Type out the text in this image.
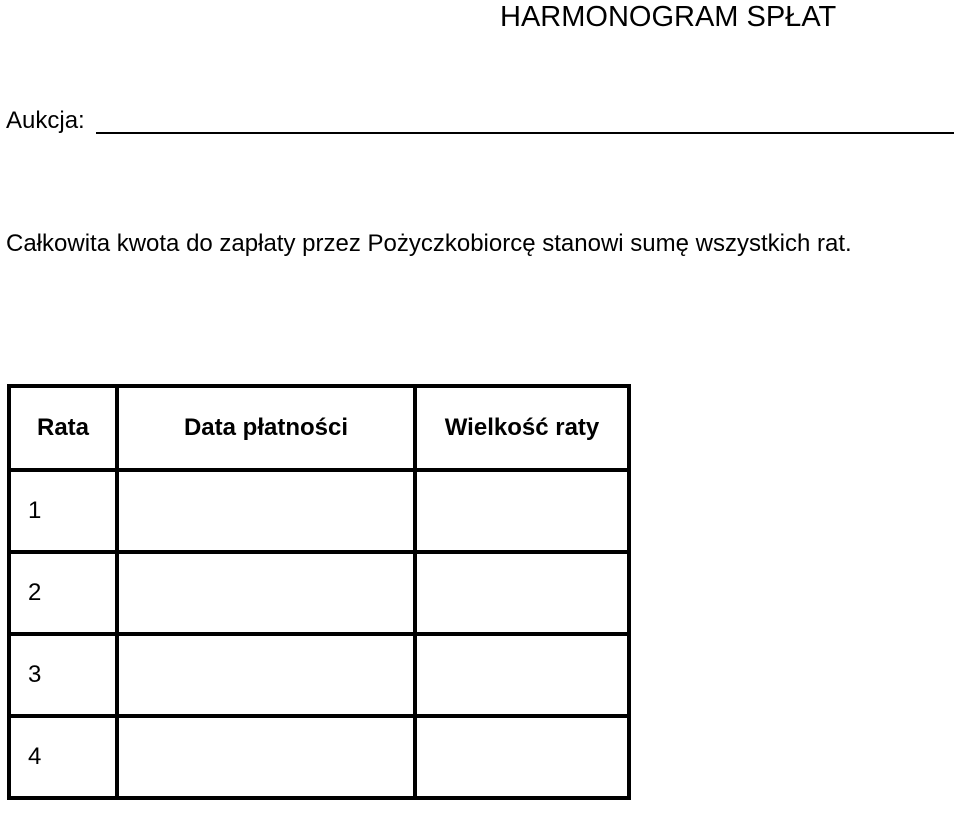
HARMONOGRAM SPŁAT
Aukcja:
Całkowita kwota do zapłaty przez Pożyczkobiorcę stanowi sumę wszystkich rat.
Rata	Data płatności	Wielkość raty
1		
2		
3		
4		
